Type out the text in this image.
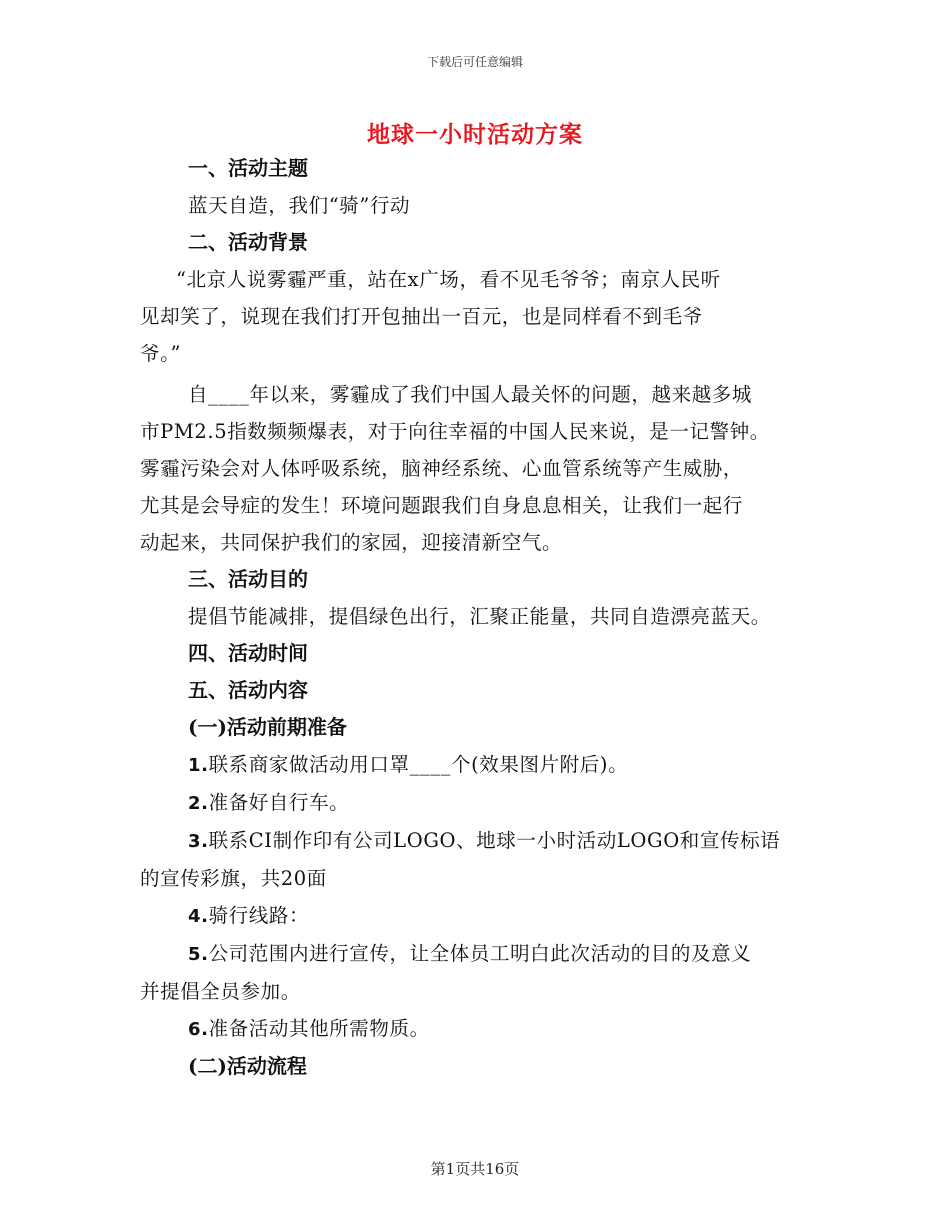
下载后可任意编辑
地球一小时活动方案

一、活动主题

蓝天自造，我们“骑”行动

二、活动背景

“北京人说雾霾严重，站在x广场，看不见毛爷爷；南京人民听

见却笑了，说现在我们打开包抽出一百元，也是同样看不到毛爷

爷。”

自____年以来，雾霾成了我们中国人最关怀的问题，越来越多城

市PM2.5指数频频爆表，对于向往幸福的中国人民来说，是一记警钟。

雾霾污染会对人体呼吸系统，脑神经系统、心血管系统等产生威胁，

尤其是会导症的发生！环境问题跟我们自身息息相关，让我们一起行

动起来，共同保护我们的家园，迎接清新空气。

三、活动目的

提倡节能减排，提倡绿色出行，汇聚正能量，共同自造漂亮蓝天。

四、活动时间

五、活动内容

(一)活动前期准备

1.联系商家做活动用口罩____个(效果图片附后)。

2.准备好自行车。

3.联系CI制作印有公司LOGO、地球一小时活动LOGO和宣传标语

的宣传彩旗，共20面

4.骑行线路：

5.公司范围内进行宣传，让全体员工明白此次活动的目的及意义

并提倡全员参加。

6.准备活动其他所需物质。

(二)活动流程

第1页共16页
